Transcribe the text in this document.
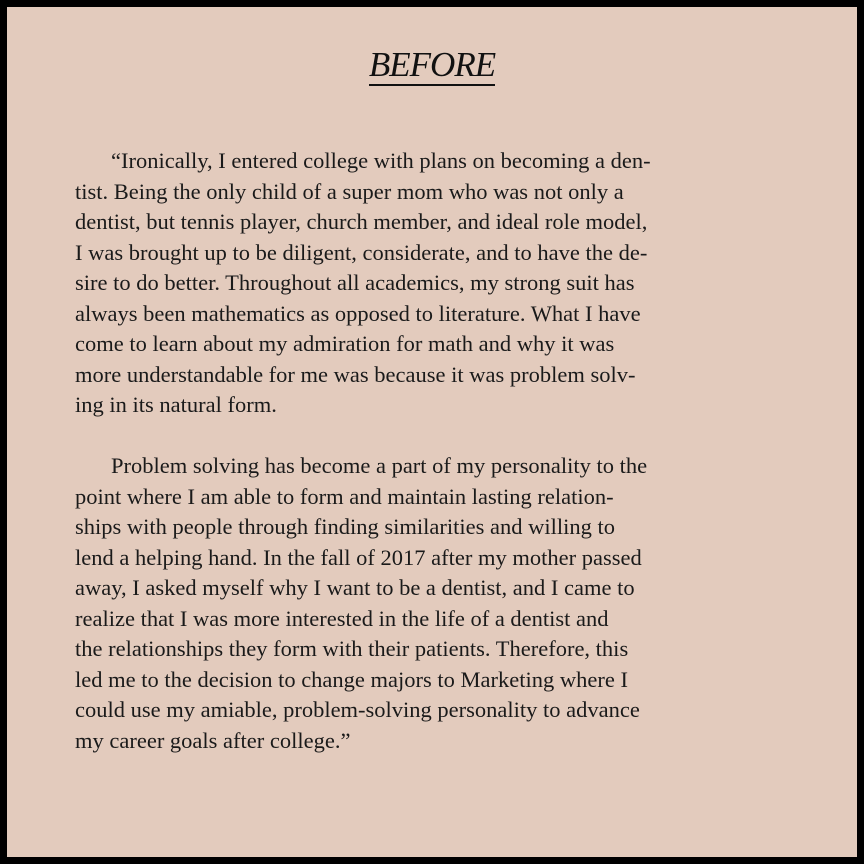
BEFORE

“Ironically, I entered college with plans on becoming a den-
tist. Being the only child of a super mom who was not only a
dentist, but tennis player, church member, and ideal role model,
I was brought up to be diligent, considerate, and to have the de-
sire to do better. Throughout all academics, my strong suit has
always been mathematics as opposed to literature. What I have
come to learn about my admiration for math and why it was
more understandable for me was because it was problem solv-
ing in its natural form.

Problem solving has become a part of my personality to the
point where I am able to form and maintain lasting relation-
ships with people through finding similarities and willing to
lend a helping hand. In the fall of 2017 after my mother passed
away, I asked myself why I want to be a dentist, and I came to
realize that I was more interested in the life of a dentist and
the relationships they form with their patients. Therefore, this
led me to the decision to change majors to Marketing where I
could use my amiable, problem-solving personality to advance
my career goals after college.”
